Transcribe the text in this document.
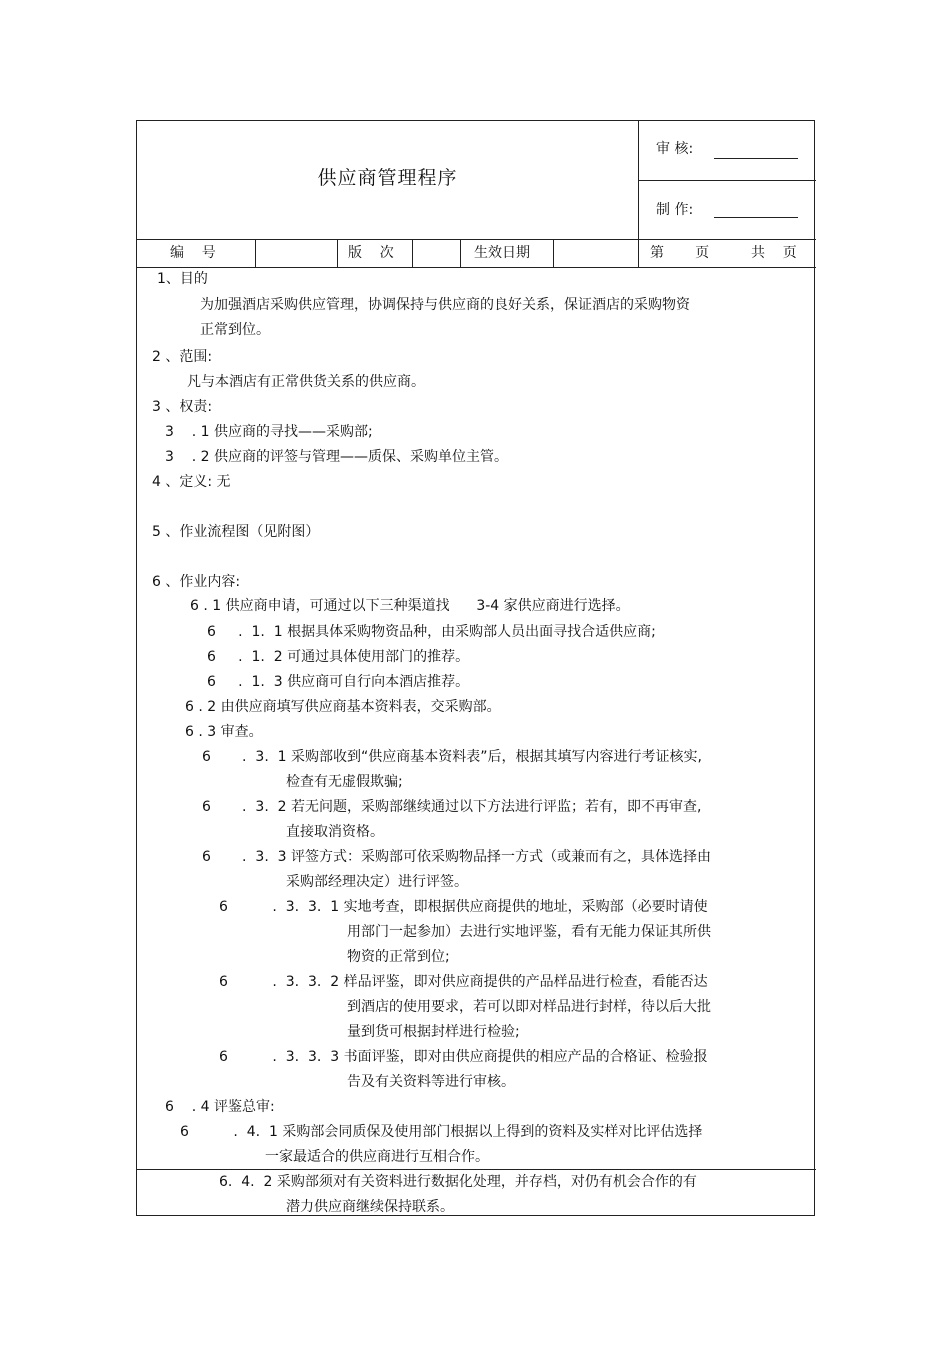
供应商管理程序
审 核:
制 作:
编    号	版    次	生效日期	第       页	共    页
1、目的
为加强酒店采购供应管理，协调保持与供应商的良好关系，保证酒店的采购物资
正常到位。
2 、范围:
凡与本酒店有正常供货关系的供应商。
3 、权责:
3    . 1 供应商的寻找——采购部;
3    . 2 供应商的评签与管理——质保、采购单位主管。
4 、定义: 无
5 、作业流程图（见附图）
6 、作业内容:
6 . 1 供应商申请，可通过以下三种渠道找      3-4 家供应商进行选择。
6     .  1.  1 根据具体采购物资品种，由采购部人员出面寻找合适供应商;
6     .  1.  2 可通过具体使用部门的推荐。
6     .  1.  3 供应商可自行向本酒店推荐。
6 . 2 由供应商填写供应商基本资料表，交采购部。
6 . 3 审查。
6       .  3.  1 采购部收到“供应商基本资料表”后，根据其填写内容进行考证核实,
检查有无虚假欺骗;
6       .  3.  2 若无问题，采购部继续通过以下方法进行评监；若有，即不再审查,
直接取消资格。
6       .  3.  3 评签方式：采购部可依采购物品择一方式（或兼而有之，具体选择由
采购部经理决定）进行评签。
6          .  3.  3.  1 实地考查，即根据供应商提供的地址，采购部（必要时请使
用部门一起参加）去进行实地评鉴，看有无能力保证其所供
物资的正常到位;
6          .  3.  3.  2 样品评鉴，即对供应商提供的产品样品进行检查，看能否达
到酒店的使用要求，若可以即对样品进行封样，待以后大批
量到货可根据封样进行检验;
6          .  3.  3.  3 书面评鉴，即对由供应商提供的相应产品的合格证、检验报
告及有关资料等进行审核。
6    . 4 评鉴总审:
6          .  4.  1 采购部会同质保及使用部门根据以上得到的资料及实样对比评估选择
一家最适合的供应商进行互相合作。
6.  4.  2 采购部须对有关资料进行数据化处理，并存档，对仍有机会合作的有
潜力供应商继续保持联系。
